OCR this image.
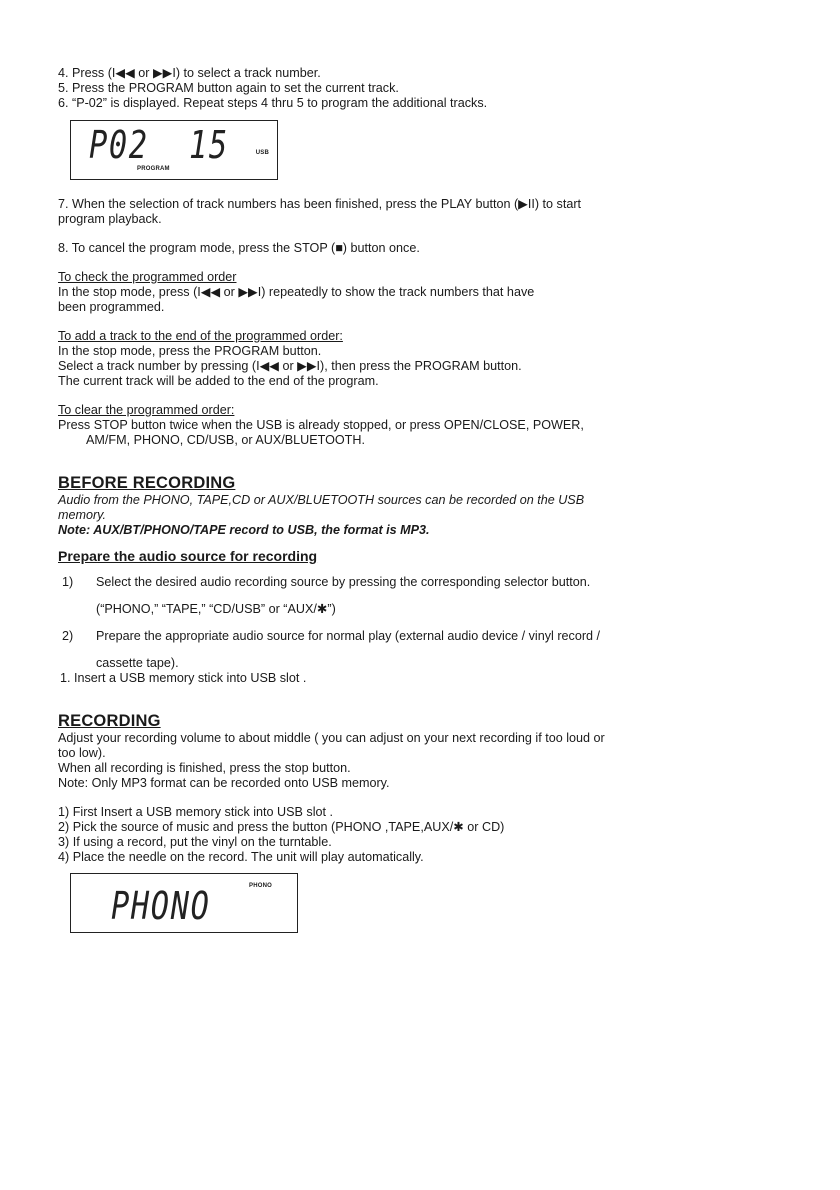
4. Press (I◀◀ or ▶▶I) to select a track number.
5. Press the PROGRAM button again to set the current track.
6. “P-02” is displayed. Repeat steps 4 thru 5 to program the additional tracks.
P02 15
PROGRAM
USB
7. When the selection of track numbers has been finished, press the PLAY button (▶II) to start
program playback.
8. To cancel the program mode, press the STOP (■) button once.
To check the programmed order
In the stop mode, press (I◀◀ or ▶▶I) repeatedly to show the track numbers that have
been programmed.
To add a track to the end of the programmed order:
In the stop mode, press the PROGRAM button.
Select a track number by pressing (I◀◀ or ▶▶I), then press the PROGRAM button.
The current track will be added to the end of the program.
To clear the programmed order:
Press STOP button twice when the USB is already stopped, or press OPEN/CLOSE, POWER,
AM/FM, PHONO, CD/USB, or AUX/BLUETOOTH.
BEFORE RECORDING
Audio from the PHONO, TAPE,CD or AUX/BLUETOOTH sources can be recorded on the USB
memory.
Note: AUX/BT/PHONO/TAPE record to USB, the format is MP3.
Prepare the audio source for recording
1)	Select the desired audio recording source by pressing the corresponding selector button.
(“PHONO,” “TAPE,” “CD/USB” or “AUX/✱”)
2)	Prepare the appropriate audio source for normal play (external audio device / vinyl record /
cassette tape).
1. Insert a USB memory stick into USB slot .
RECORDING
Adjust your recording volume to about middle ( you can adjust on your next recording if too loud or
too low).
When all recording is finished, press the stop button.
Note: Only MP3 format can be recorded onto USB memory.
1) First Insert a USB memory stick into USB slot .
2) Pick the source of music and press the button (PHONO ,TAPE,AUX/✱ or CD)
3) If using a record, put the vinyl on the turntable.
4) Place the needle on the record. The unit will play automatically.
PHONO	PHONO
